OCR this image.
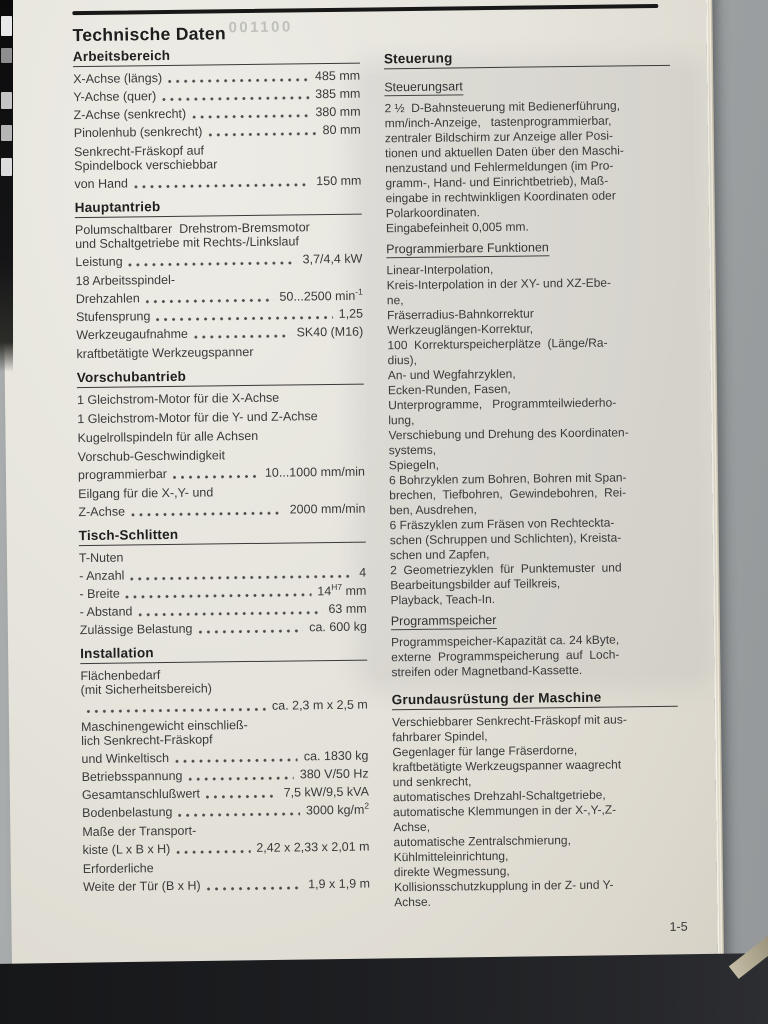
001100
Technische Daten
Arbeitsbereich
X-Achse (längs)	485 mm
Y-Achse (quer)	385 mm
Z-Achse (senkrecht)	380 mm
Pinolenhub (senkrecht)	80 mm
Senkrecht-Fräskopf auf
Spindelbock verschiebbar
von Hand	150 mm
Hauptantrieb
Polumschaltbarer  Drehstrom-Bremsmotor
und Schaltgetriebe mit Rechts-/Linkslauf
Leistung	3,7/4,4 kW
18 Arbeitsspindel-
Drehzahlen	50...2500 $\min^{-1}$
Stufensprung	1,25
Werkzeugaufnahme	SK40 (M16)
kraftbetätigte Werkzeugspanner
Vorschubantrieb
1 Gleichstrom-Motor für die X-Achse
1 Gleichstrom-Motor für die Y- und Z-Achse
Kugelrollspindeln für alle Achsen
Vorschub-Geschwindigkeit
programmierbar	10...1000 mm/min
Eilgang für die X-,Y- und
Z-Achse	2000 mm/min
Tisch-Schlitten
T-Nuten
- Anzahl	4
- Breite	$14^{H7}$ mm
- Abstand	63 mm
Zulässige Belastung	ca. 600 kg
Installation
Flächenbedarf
(mit Sicherheitsbereich)
ca. 2,3 m x 2,5 m
Maschinengewicht einschließ-
lich Senkrecht-Fräskopf
und Winkeltisch	ca. 1830 kg
Betriebsspannung	380 V/50 Hz
Gesamtanschlußwert	7,5 kW/9,5 kVA
Bodenbelastung	3000 $kg/m^2$
Maße der Transport-
kiste (L x B x H)	2,42 x 2,33 x 2,01 m
Erforderliche
Weite der Tür (B x H)	1,9 x 1,9 m
Steuerung
Steuerungsart
2 ½  D-Bahnsteuerung mit Bedienerführung,
mm/inch-Anzeige,   tastenprogrammierbar,
zentraler Bildschirm zur Anzeige aller Posi-
tionen und aktuellen Daten über den Maschi-
nenzustand und Fehlermeldungen (im Pro-
gramm-, Hand- und Einrichtbetrieb), Maß-
eingabe in rechtwinkligen Koordinaten oder
Polarkoordinaten.
Eingabefeinheit 0,005 mm.
Programmierbare Funktionen
Linear-Interpolation,
Kreis-Interpolation in der XY- und XZ-Ebe-
ne,
Fräserradius-Bahnkorrektur
Werkzeuglängen-Korrektur,
100  Korrekturspeicherplätze  (Länge/Ra-
dius),
An- und Wegfahrzyklen,
Ecken-Runden, Fasen,
Unterprogramme,   Programmteilwiederho-
lung,
Verschiebung und Drehung des Koordinaten-
systems,
Spiegeln,
6 Bohrzyklen zum Bohren, Bohren mit Span-
brechen,  Tiefbohren,  Gewindebohren,  Rei-
ben, Ausdrehen,
6 Fräszyklen zum Fräsen von Rechteckta-
schen (Schruppen und Schlichten), Kreista-
schen und Zapfen,
2  Geometriezyklen  für  Punktemuster  und
Bearbeitungsbilder auf Teilkreis,
Playback, Teach-In.
Programmspeicher
Programmspeicher-Kapazität ca. 24 kByte,
externe  Programmspeicherung  auf  Loch-
streifen oder Magnetband-Kassette.
Grundausrüstung der Maschine
Verschiebbarer Senkrecht-Fräskopf mit aus-
fahrbarer Spindel,
Gegenlager für lange Fräserdorne,
kraftbetätigte Werkzeugspanner waagrecht
und senkrecht,
automatisches Drehzahl-Schaltgetriebe,
automatische Klemmungen in der X-,Y-,Z-
Achse,
automatische Zentralschmierung,
Kühlmitteleinrichtung,
direkte Wegmessung,
Kollisionsschutzkupplung in der Z- und Y-
Achse.
1-5
